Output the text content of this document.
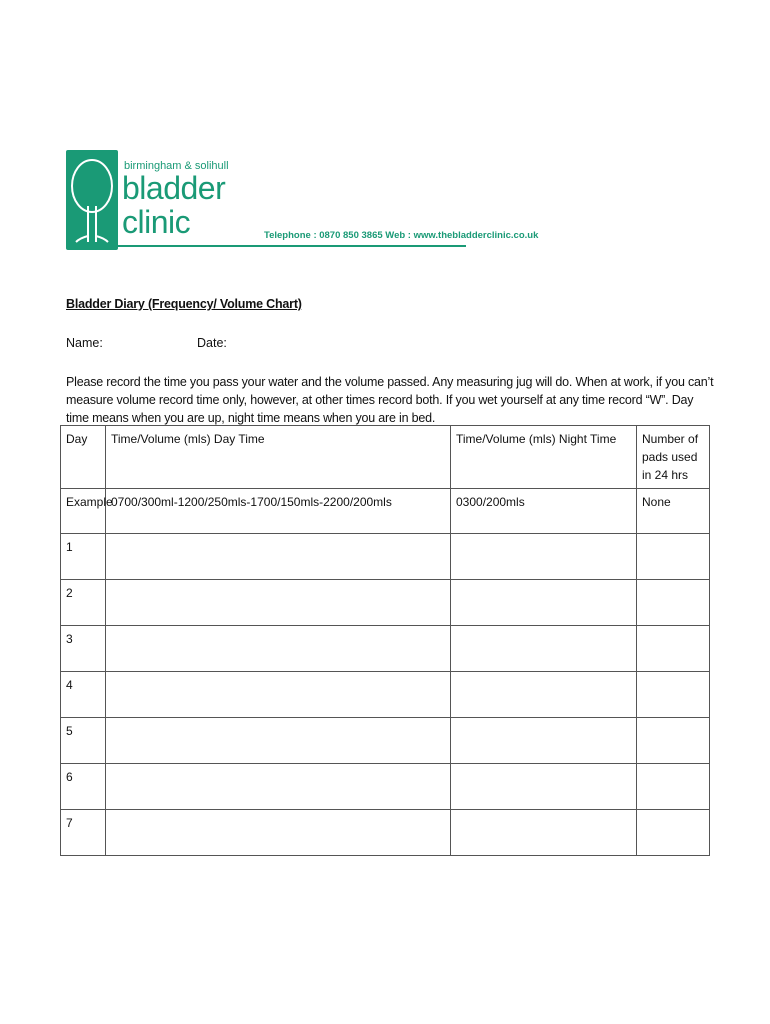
birmingham & solihull
bladder
clinic	Telephone : 0870 850 3865 Web : www.thebladderclinic.co.uk
Bladder Diary (Frequency/ Volume Chart)
Name:	Date:
Please record the time you pass your water and the volume passed. Any measuring jug will do. When at work, if you can’t measure volume record time only, however, at other times record both. If you wet yourself at any time record “W”. Day time means when you are up, night time means when you are in bed.
Day	Time/Volume (mls) Day Time	Time/Volume (mls) Night Time	Number of pads used in 24 hrs
Example	0700/300ml-1200/250mls-1700/150mls-2200/200mls	0300/200mls	None
1			
2			
3			
4			
5			
6			
7			
